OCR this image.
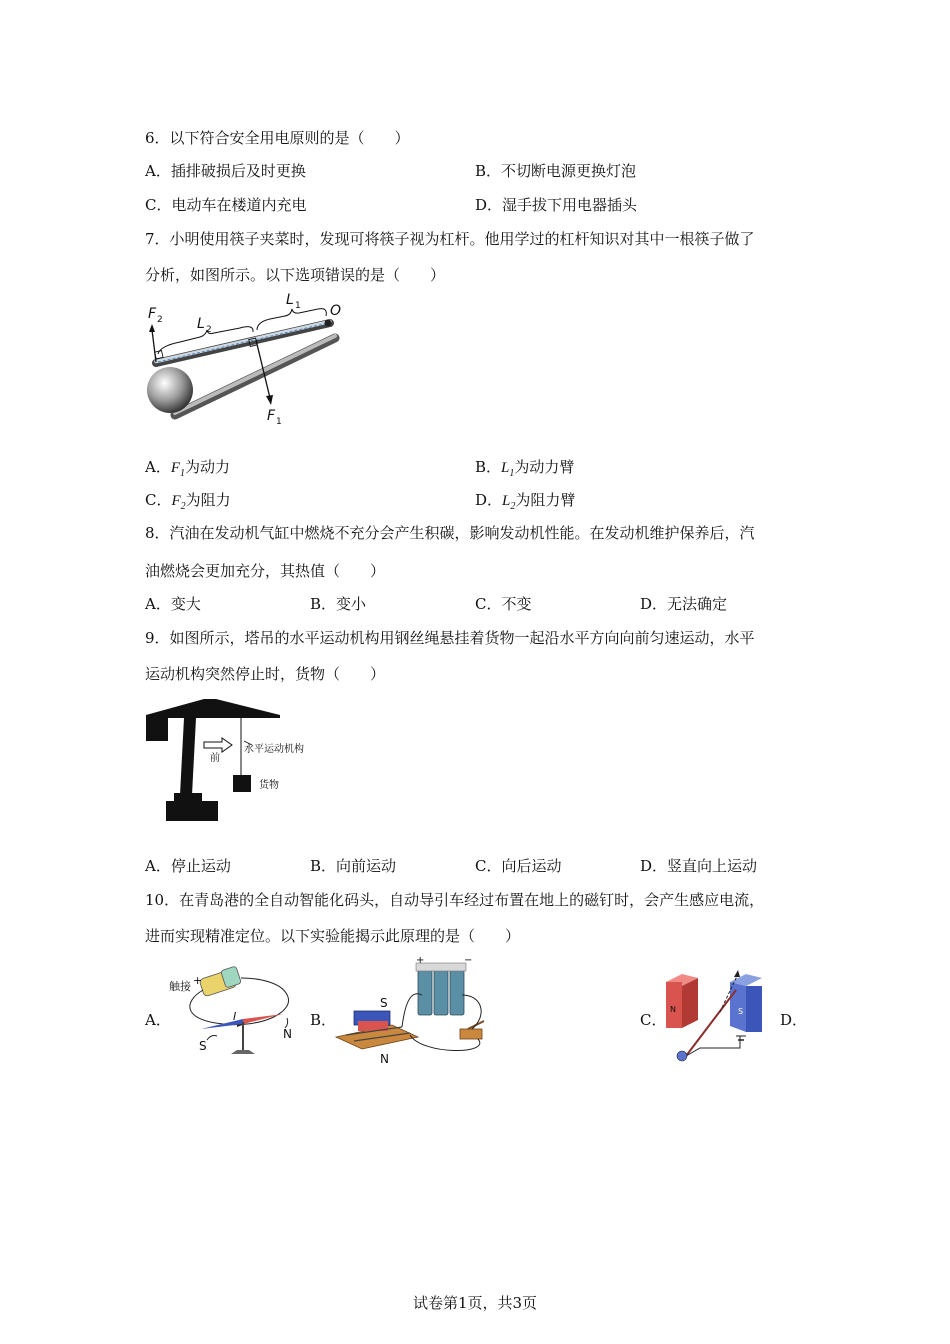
6．以下符合安全用电原则的是（　　）
A．插排破损后及时更换	B．不切断电源更换灯泡
C．电动车在楼道内充电	D．湿手拔下用电器插头
7．小明使用筷子夹菜时，发现可将筷子视为杠杆。他用学过的杠杆知识对其中一根筷子做了
分析，如图所示。以下选项错误的是（　　）
F 2 L 2
L 1 O
F 1
A．$F_1$为动力	B．$L_1$为动力臂
C．$F_2$为阻力	D．$L_2$为阻力臂
8．汽油在发动机气缸中燃烧不充分会产生积碳，影响发动机性能。在发动机维护保养后，汽
油燃烧会更加充分，其热值（　　）
A．变大	B．变小	C．不变	D．无法确定
9．如图所示，塔吊的水平运动机构用钢丝绳悬挂着货物一起沿水平方向向前匀速运动，水平
运动机构突然停止时，货物（　　）
前
水平运动机构
货物
A．停止运动	B．向前运动	C．向后运动	D．竖直向上运动
10．在青岛港的全自动智能化码头，自动导引车经过布置在地上的磁钉时，会产生感应电流，
进而实现精准定位。以下实验能揭示此原理的是（　　）
A．
触接 +
I
S
N
B．
+	−
S
N
C．
N	S D．
试卷第1页，共3页
